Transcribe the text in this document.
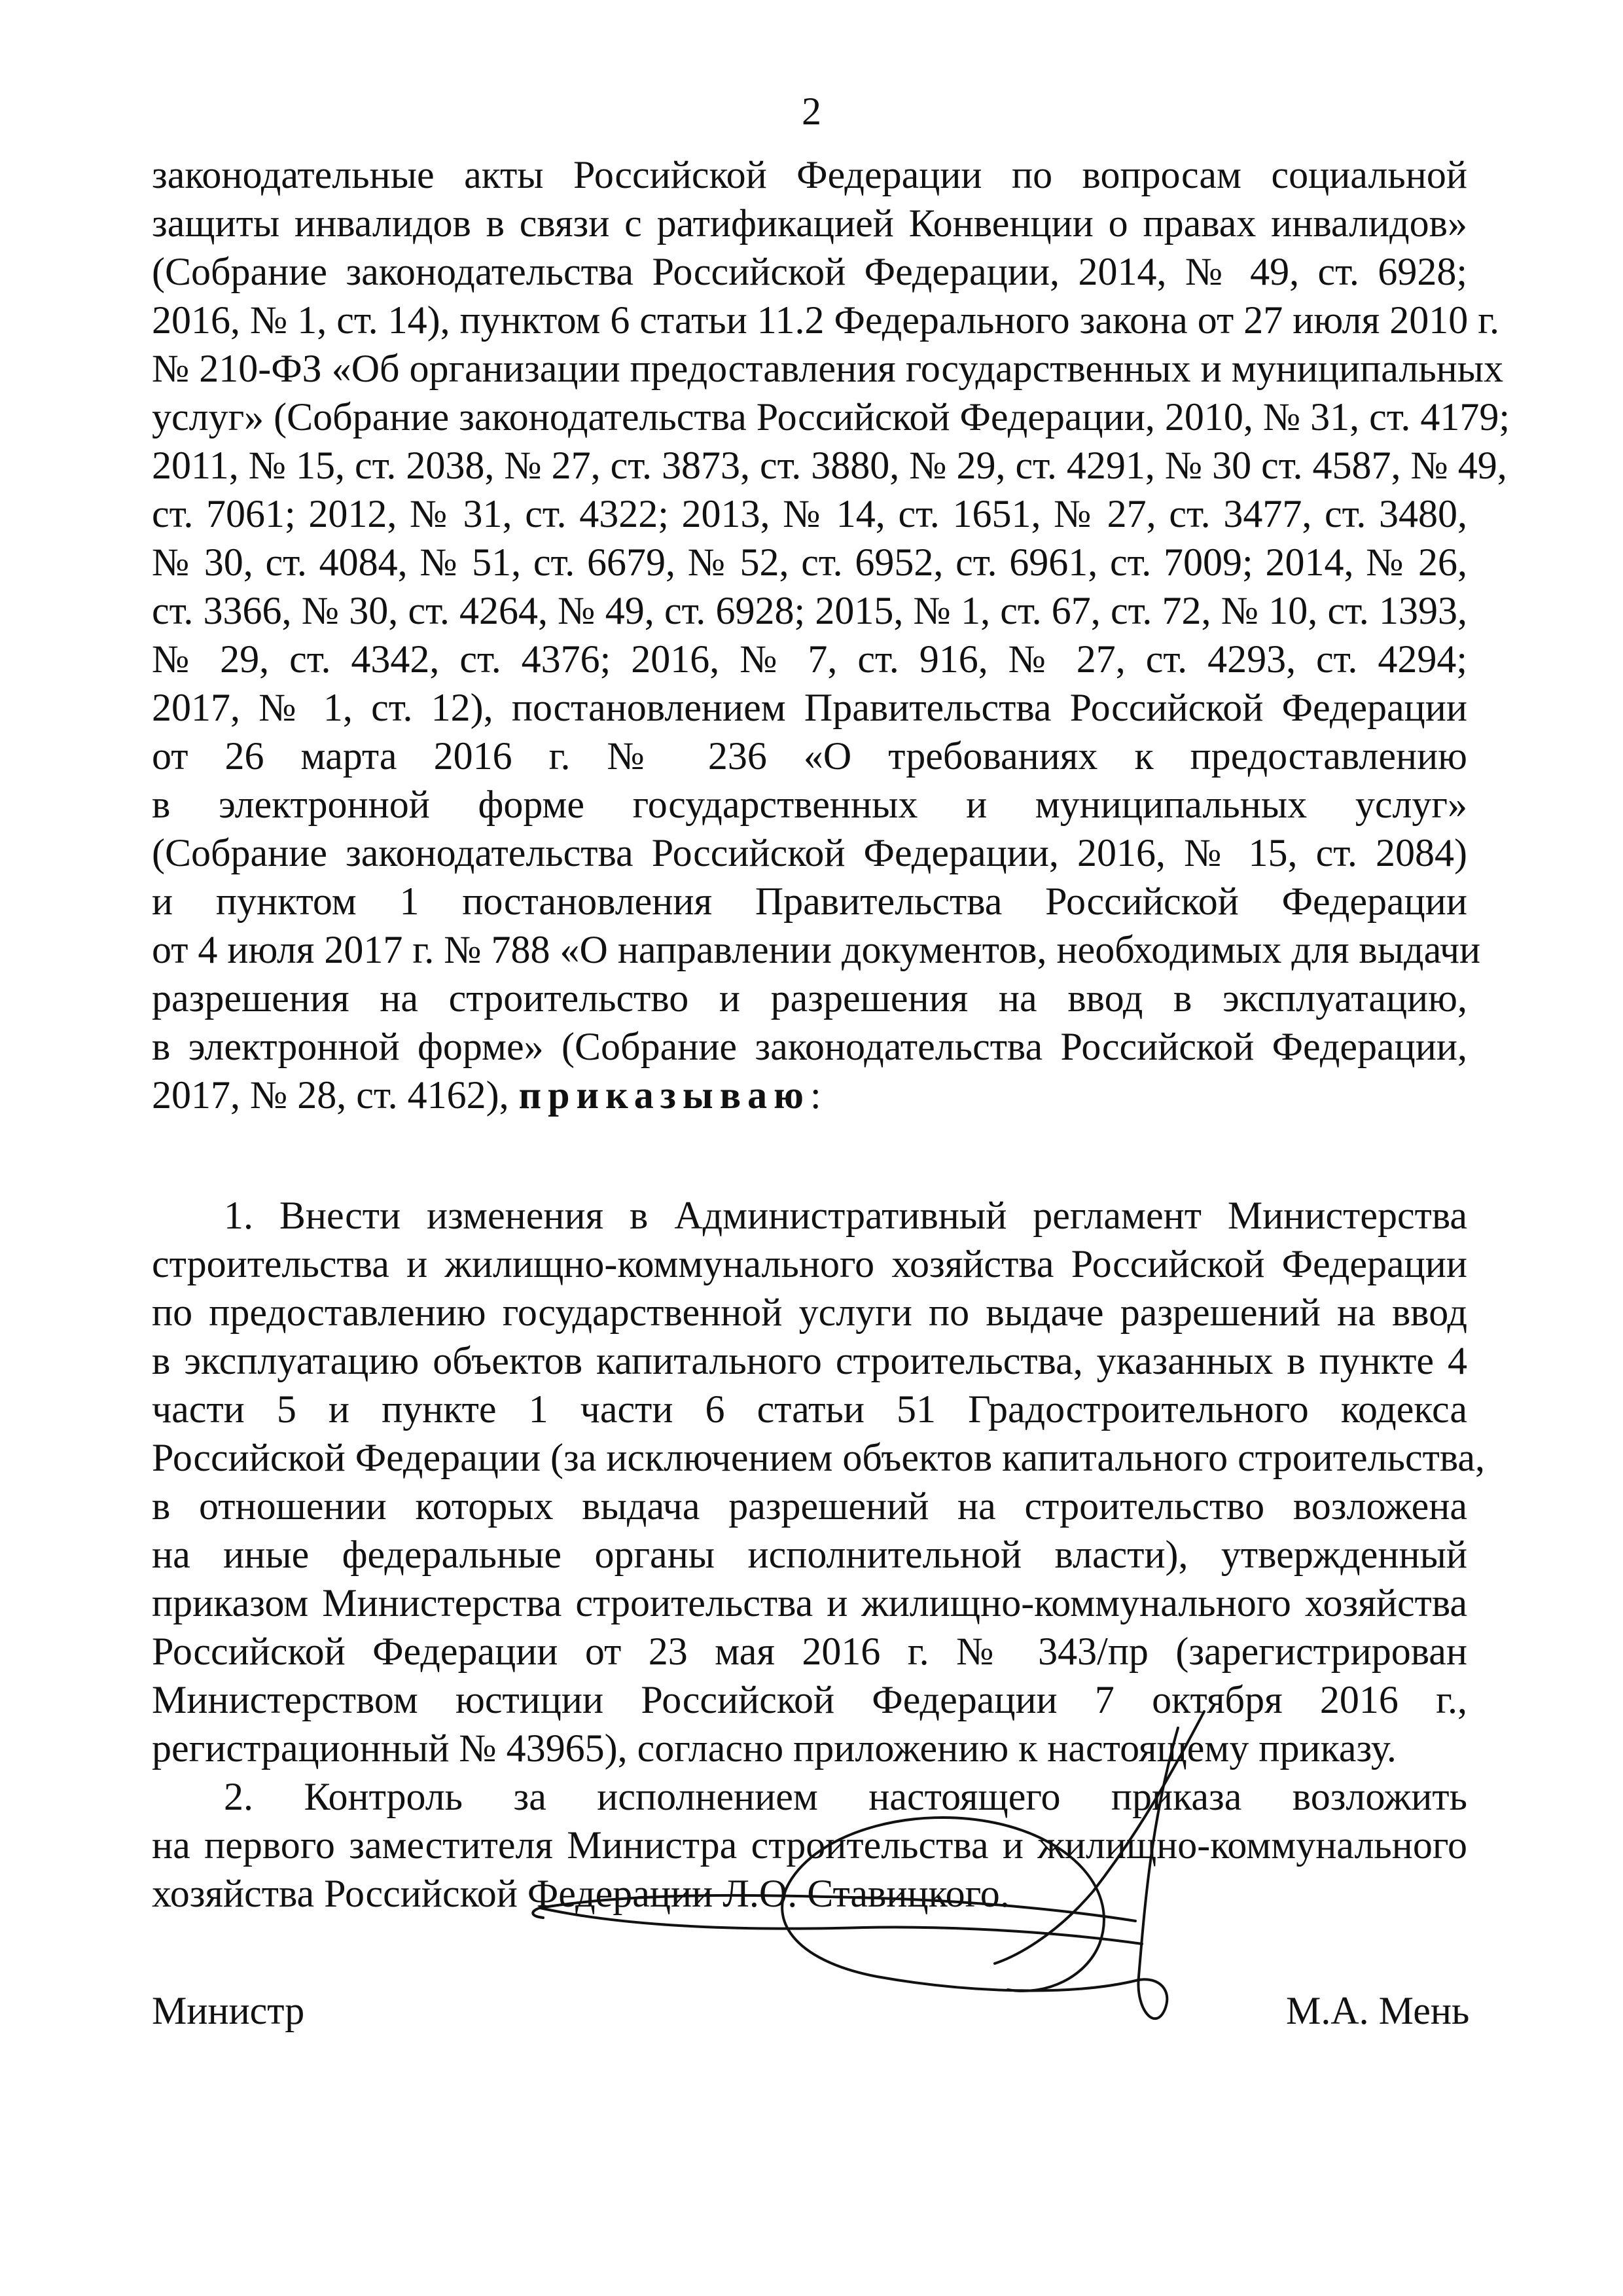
2
законодательные акты Российской Федерации по вопросам социальной
защиты инвалидов в связи с ратификацией Конвенции о правах инвалидов»
(Собрание законодательства Российской Федерации, 2014, № 49, ст. 6928;
2016, № 1, ст. 14), пунктом 6 статьи 11.2 Федерального закона от 27 июля 2010 г.
№ 210-ФЗ «Об организации предоставления государственных и муниципальных
услуг» (Собрание законодательства Российской Федерации, 2010, № 31, ст. 4179;
2011, № 15, ст. 2038, № 27, ст. 3873, ст. 3880, № 29, ст. 4291, № 30 ст. 4587, № 49,
ст. 7061; 2012, № 31, ст. 4322; 2013, № 14, ст. 1651, № 27, ст. 3477, ст. 3480,
№ 30, ст. 4084, № 51, ст. 6679, № 52, ст. 6952, ст. 6961, ст. 7009; 2014, № 26,
ст. 3366, № 30, ст. 4264, № 49, ст. 6928; 2015, № 1, ст. 67, ст. 72, № 10, ст. 1393,
№ 29, ст. 4342, ст. 4376; 2016, № 7, ст. 916, № 27, ст. 4293, ст. 4294;
2017, № 1, ст. 12), постановлением Правительства Российской Федерации
от 26 марта 2016 г. № 236 «О требованиях к предоставлению
в электронной форме государственных и муниципальных услуг»
(Собрание законодательства Российской Федерации, 2016, № 15, ст. 2084)
и пунктом 1 постановления Правительства Российской Федерации
от 4 июля 2017 г. № 788 «О направлении документов, необходимых для выдачи
разрешения на строительство и разрешения на ввод в эксплуатацию,
в электронной форме» (Собрание законодательства Российской Федерации,
2017, № 28, ст. 4162), приказываю:
1. Внести изменения в Административный регламент Министерства
строительства и жилищно-коммунального хозяйства Российской Федерации
по предоставлению государственной услуги по выдаче разрешений на ввод
в эксплуатацию объектов капитального строительства, указанных в пункте 4
части 5 и пункте 1 части 6 статьи 51 Градостроительного кодекса
Российской Федерации (за исключением объектов капитального строительства,
в отношении которых выдача разрешений на строительство возложена
на иные федеральные органы исполнительной власти), утвержденный
приказом Министерства строительства и жилищно-коммунального хозяйства
Российской Федерации от 23 мая 2016 г. № 343/пр (зарегистрирован
Министерством юстиции Российской Федерации 7 октября 2016 г.,
регистрационный № 43965), согласно приложению к настоящему приказу.
2. Контроль за исполнением настоящего приказа возложить
на первого заместителя Министра строительства и жилищно-коммунального
хозяйства Российской Федерации Л.О. Ставицкого.
Министр	М.А. Мень
